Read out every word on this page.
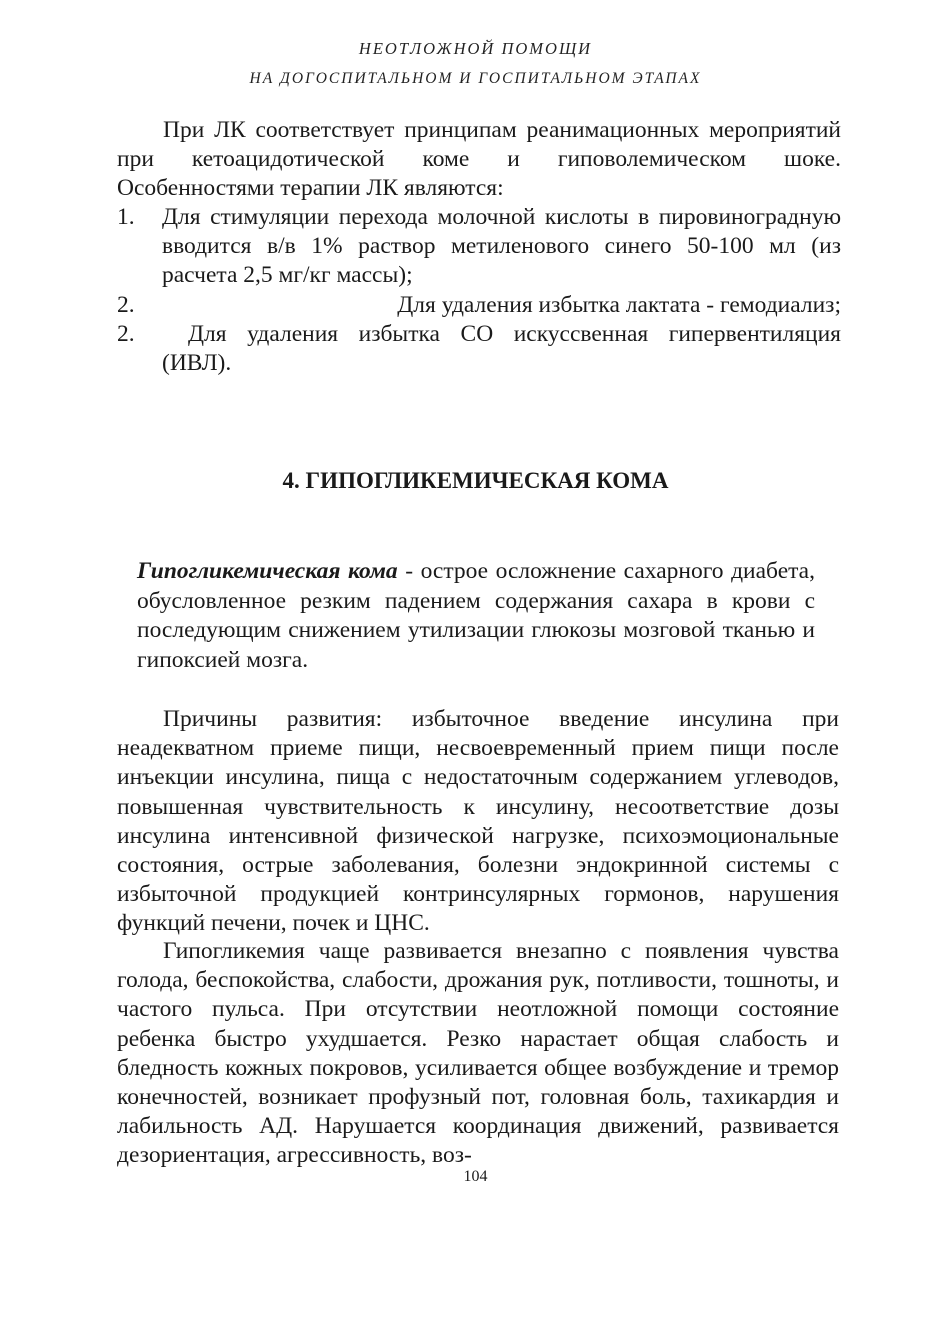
НЕОТЛОЖНОЙ ПОМОЩИ
НА ДОГОСПИТАЛЬНОМ И ГОСПИТАЛЬНОМ ЭТАПАХ
При ЛК соответствует принципам реанимационных мероприятий при кетоацидотической коме и гиповолемическом шоке. Особенностями терапии ЛК являются:
1. Для стимуляции перехода молочной кислоты в пировиноградную вводится в/в 1% раствор метиленового синего 50-100 мл (из расчета 2,5 мг/кг массы);
2.	Для удаления избытка лактата - гемодиализ;
2.	Для удаления избытка СО искуссвенная гипервентиляция (ИВЛ).
4. ГИПОГЛИКЕМИЧЕСКАЯ КОМА
Гипогликемическая кома - острое осложнение сахарного диабета, обусловленное резким падением содержания сахара в крови с последующим снижением утилизации глюкозы мозговой тканью и гипоксией мозга.
Причины развития: избыточное введение инсулина при неадекватном приеме пищи, несвоевременный прием пищи после инъекции инсулина, пища с недостаточным содержанием углеводов, повышенная чувствительность к инсулину, несоответствие дозы инсулина интенсивной физической нагрузке, психоэмоциональные состояния, острые заболевания, болезни эндокринной системы с избыточной продукцией контринсулярных гормонов, нарушения функций печени, почек и ЦНС.
Гипогликемия чаще развивается внезапно с появления чувства голода, беспокойства, слабости, дрожания рук, потливости, тошноты, и частого пульса. При отсутствии неотложной помощи состояние ребенка быстро ухудшается. Резко нарастает общая слабость и бледность кожных покровов, усиливается общее возбуждение и тремор конечностей, возникает профузный пот, головная боль, тахикардия и лабильность АД. Нарушается координация движений, развивается дезориентация, агрессивность, воз-
104
